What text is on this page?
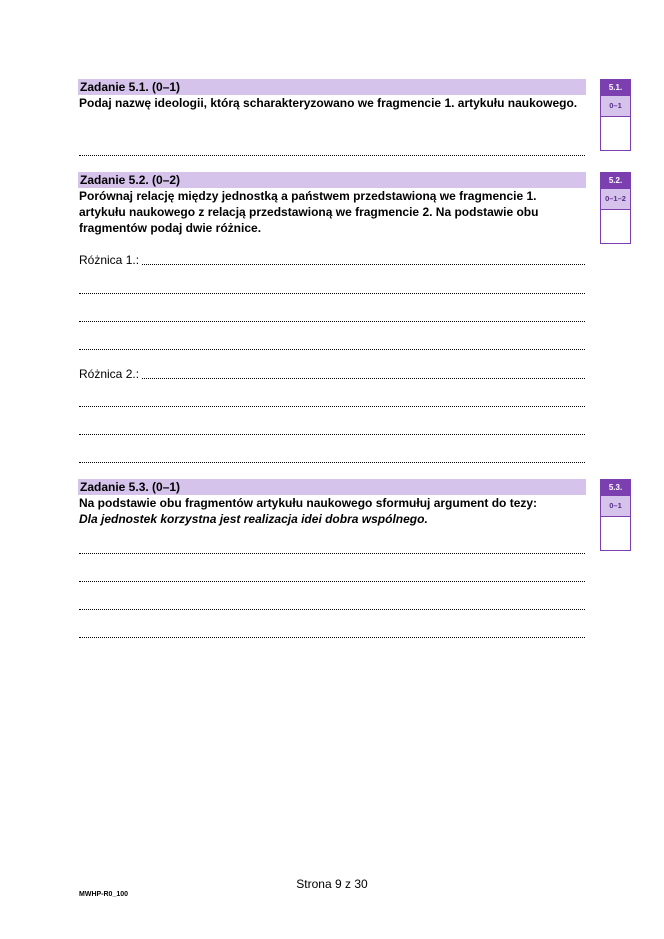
Zadanie 5.1. (0–1)
Podaj nazwę ideologii, którą scharakteryzowano we fragmencie 1. artykułu naukowego.
5.1.
0–1
Zadanie 5.2. (0–2)
Porównaj relację między jednostką a państwem przedstawioną we fragmencie 1. artykułu naukowego z relacją przedstawioną we fragmencie 2. Na podstawie obu fragmentów podaj dwie różnice.
Różnica 1.:
Różnica 2.:
5.2.
0–1–2
Zadanie 5.3. (0–1)
Na podstawie obu fragmentów artykułu naukowego sformułuj argument do tezy:
Dla jednostek korzystna jest realizacja idei dobra wspólnego.
5.3.
0–1
Strona 9 z 30
MWHP-R0_100
